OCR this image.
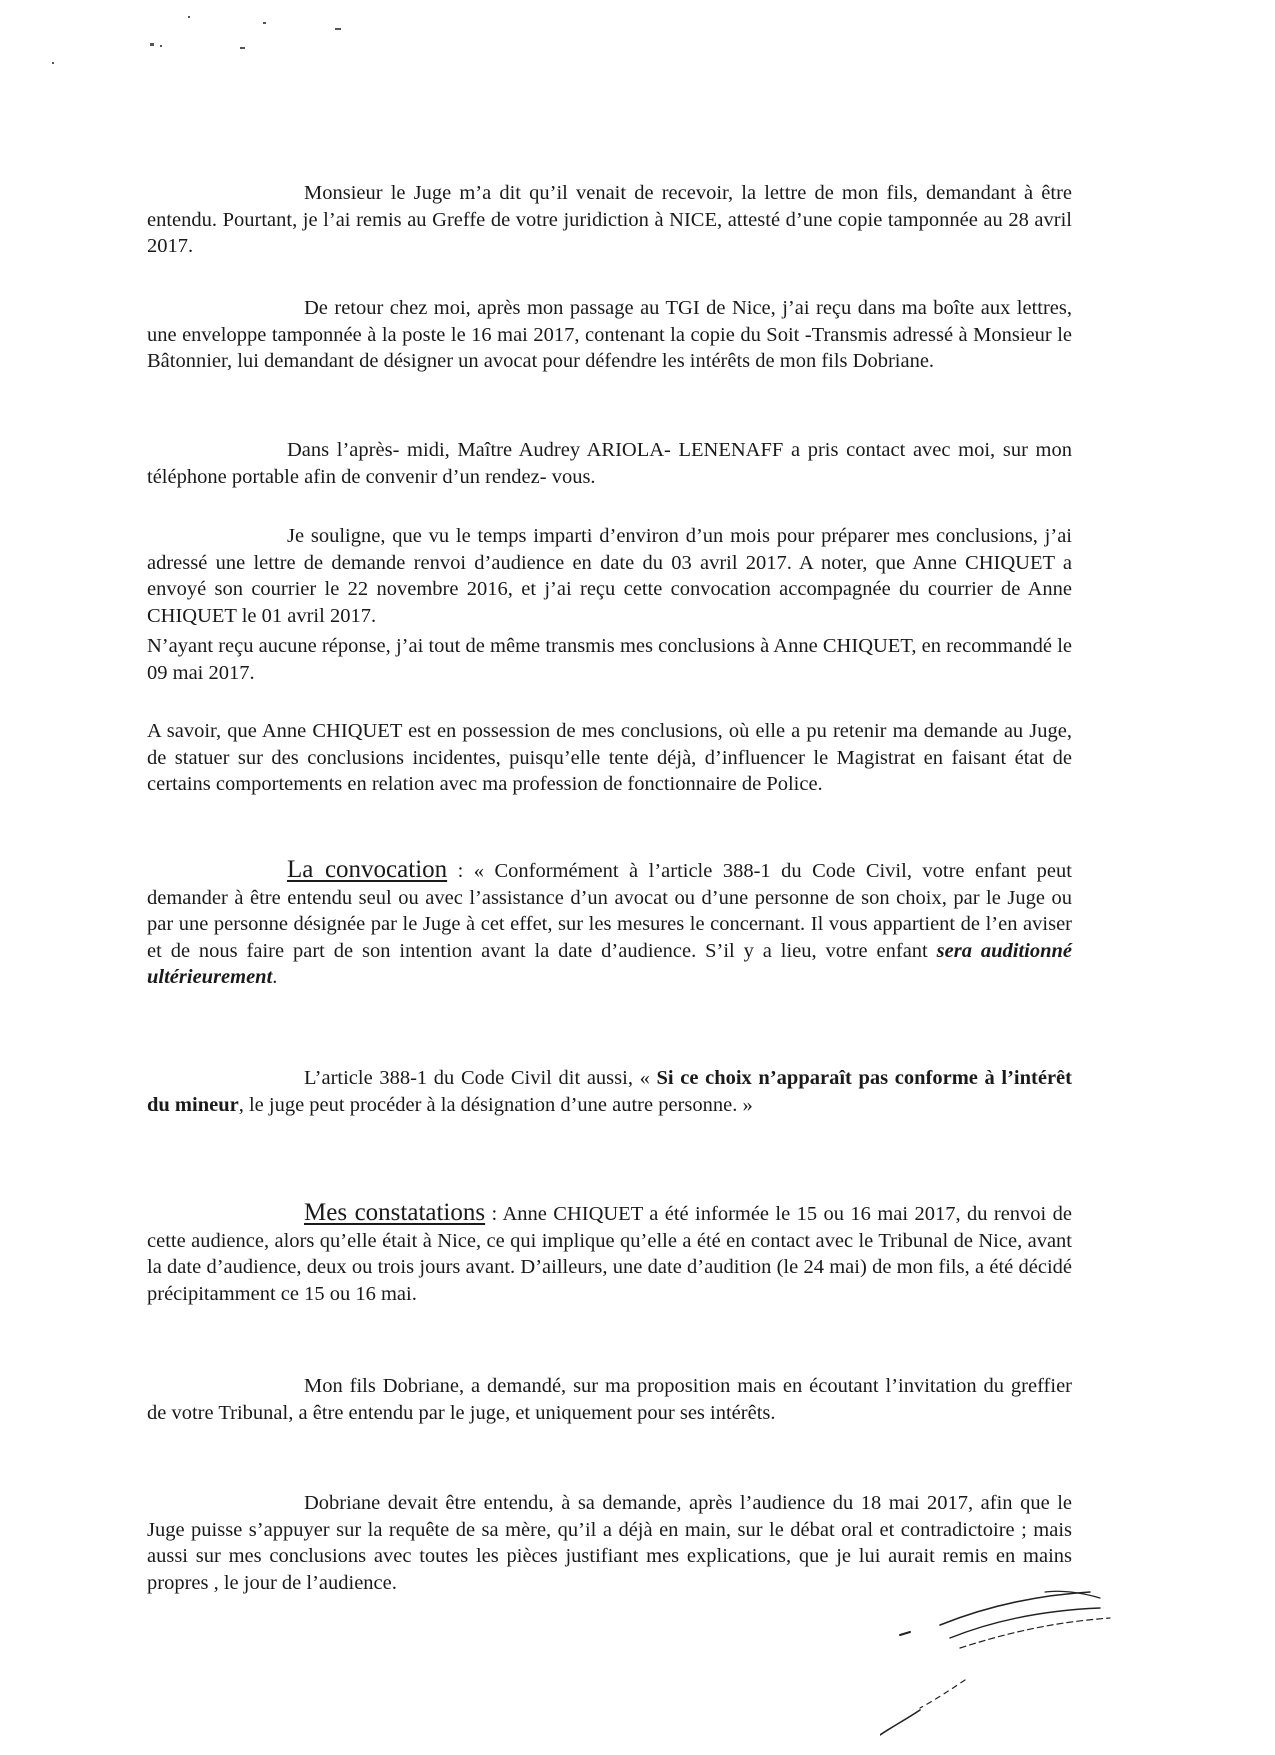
Monsieur le Juge m’a dit qu’il venait de recevoir, la lettre de mon fils, demandant à être entendu. Pourtant, je l’ai remis au Greffe de votre juridiction à NICE, attesté d’une copie tamponnée au 28 avril 2017.

De retour chez moi, après mon passage au TGI de Nice, j’ai reçu dans ma boîte aux lettres, une enveloppe tamponnée à la poste le 16 mai 2017, contenant la copie du Soit -Transmis adressé à Monsieur le Bâtonnier, lui demandant de désigner un avocat pour défendre les intérêts de mon fils Dobriane.

Dans l’après- midi, Maître Audrey ARIOLA- LENENAFF a pris contact avec moi, sur mon téléphone portable afin de convenir d’un rendez- vous.

Je souligne, que vu le temps imparti d’environ d’un mois pour préparer mes conclusions, j’ai adressé une lettre de demande renvoi d’audience en date du 03 avril 2017. A noter, que Anne CHIQUET a envoyé son courrier le 22 novembre 2016, et j’ai reçu cette convocation accompagnée du courrier de Anne CHIQUET le 01 avril 2017.

N’ayant reçu aucune réponse, j’ai tout de même transmis mes conclusions à Anne CHIQUET, en recommandé le 09 mai 2017.

A savoir, que Anne CHIQUET est en possession de mes conclusions, où elle a pu retenir ma demande au Juge, de statuer sur des conclusions incidentes, puisqu’elle tente déjà, d’influencer le Magistrat en faisant état de certains comportements en relation avec ma profession de fonctionnaire de Police.

La convocation : « Conformément à l’article 388-1 du Code Civil, votre enfant peut demander à être entendu seul ou avec l’assistance d’un avocat ou d’une personne de son choix, par le Juge ou par une personne désignée par le Juge à cet effet, sur les mesures le concernant. Il vous appartient de l’en aviser et de nous faire part de son intention avant la date d’audience. S’il y a lieu, votre enfant sera auditionné ultérieurement.

L’article 388-1 du Code Civil dit aussi, « Si ce choix n’apparaît pas conforme à l’intérêt du mineur, le juge peut procéder à la désignation d’une autre personne. »

Mes constatations : Anne CHIQUET a été informée le 15 ou 16 mai 2017, du renvoi de cette audience, alors qu’elle était à Nice, ce qui implique qu’elle a été en contact avec le Tribunal de Nice, avant la date d’audience, deux ou trois jours avant. D’ailleurs, une date d’audition (le 24 mai) de mon fils, a été décidé précipitamment ce 15 ou 16 mai.

Mon fils Dobriane, a demandé, sur ma proposition mais en écoutant l’invitation du greffier de votre Tribunal, a être entendu par le juge, et uniquement pour ses intérêts.

Dobriane devait être entendu, à sa demande, après l’audience du 18 mai 2017, afin que le Juge puisse s’appuyer sur la requête de sa mère, qu’il a déjà en main, sur le débat oral et contradictoire ; mais aussi sur mes conclusions avec toutes les pièces justifiant mes explications, que je lui aurait remis en mains propres , le jour de l’audience.
